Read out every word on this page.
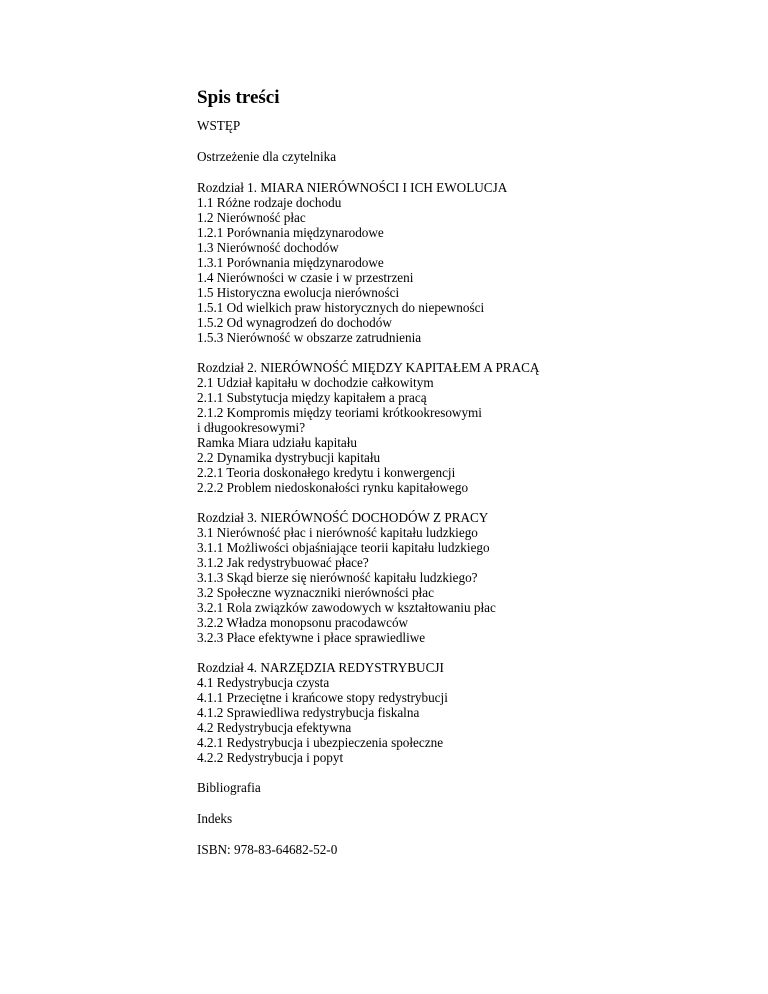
Spis treści
WSTĘP
Ostrzeżenie dla czytelnika
Rozdział 1. MIARA NIERÓWNOŚCI I ICH EWOLUCJA
1.1 Różne rodzaje dochodu
1.2 Nierówność płac
1.2.1 Porównania międzynarodowe
1.3 Nierówność dochodów
1.3.1 Porównania międzynarodowe
1.4 Nierówności w czasie i w przestrzeni
1.5 Historyczna ewolucja nierówności
1.5.1 Od wielkich praw historycznych do niepewności
1.5.2 Od wynagrodzeń do dochodów
1.5.3 Nierówność w obszarze zatrudnienia
Rozdział 2. NIERÓWNOŚĆ MIĘDZY KAPITAŁEM A PRACĄ
2.1 Udział kapitału w dochodzie całkowitym
2.1.1 Substytucja między kapitałem a pracą
2.1.2 Kompromis między teoriami krótkookresowymi
i długookresowymi?
Ramka Miara udziału kapitału
2.2 Dynamika dystrybucji kapitału
2.2.1 Teoria doskonałego kredytu i konwergencji
2.2.2 Problem niedoskonałości rynku kapitałowego
Rozdział 3. NIERÓWNOŚĆ DOCHODÓW Z PRACY
3.1 Nierówność płac i nierówność kapitału ludzkiego
3.1.1 Możliwości objaśniające teorii kapitału ludzkiego
3.1.2 Jak redystrybuować płace?
3.1.3 Skąd bierze się nierówność kapitału ludzkiego?
3.2 Społeczne wyznaczniki nierówności płac
3.2.1 Rola związków zawodowych w kształtowaniu płac
3.2.2 Władza monopsonu pracodawców
3.2.3 Płace efektywne i płace sprawiedliwe
Rozdział 4. NARZĘDZIA REDYSTRYBUCJI
4.1 Redystrybucja czysta
4.1.1 Przeciętne i krańcowe stopy redystrybucji
4.1.2 Sprawiedliwa redystrybucja fiskalna
4.2 Redystrybucja efektywna
4.2.1 Redystrybucja i ubezpieczenia społeczne
4.2.2 Redystrybucja i popyt
Bibliografia
Indeks
ISBN: 978-83-64682-52-0
